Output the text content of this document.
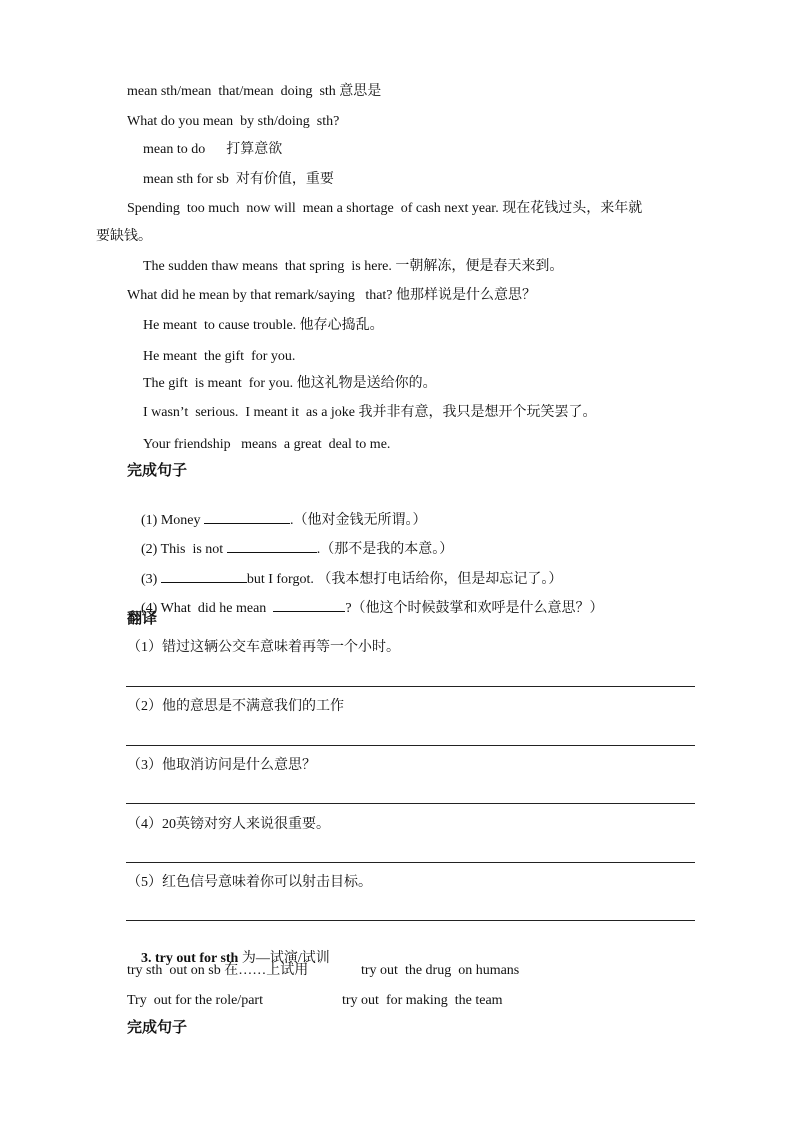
mean sth/mean  that/mean  doing  sth 意思是
What do you mean  by sth/doing  sth?
mean to do      打算意欲
mean sth for sb  对有价值，重要
Spending  too much  now will  mean a shortage  of cash next year. 现在花钱过头，来年就
要缺钱。
The sudden thaw means  that spring  is here. 一朝解冻，便是春天来到。
What did he mean by that remark/saying   that? 他那样说是什么意思？
He meant  to cause trouble. 他存心捣乱。
He meant  the gift  for you.
The gift  is meant  for you. 他这礼物是送给你的。
I wasn’t  serious.  I meant it  as a joke 我并非有意，我只是想开个玩笑罢了。
Your friendship   means  a great  deal to me.
完成句子

(1) Money	.（他对金钱无所谓。）

(2) This  is not	.（那不是我的本意。）

(3)	but I forgot. （我本想打电话给你，但是却忘记了。）

(4) What  did he mean	?（他这个时候鼓掌和欢呼是什么意思？）

翻译
（1）错过这辆公交车意味着再等一个小时。
（2）他的意思是不满意我们的工作
（3）他取消访问是什么意思？
（4）20英镑对穷人来说很重要。
（5）红色信号意味着你可以射击目标。

3. try out for sth 为—试演/试训

try sth  out on sb 在……上试用	try out  the drug  on humans
Try  out for the role/part	try out  for making  the team
完成句子
